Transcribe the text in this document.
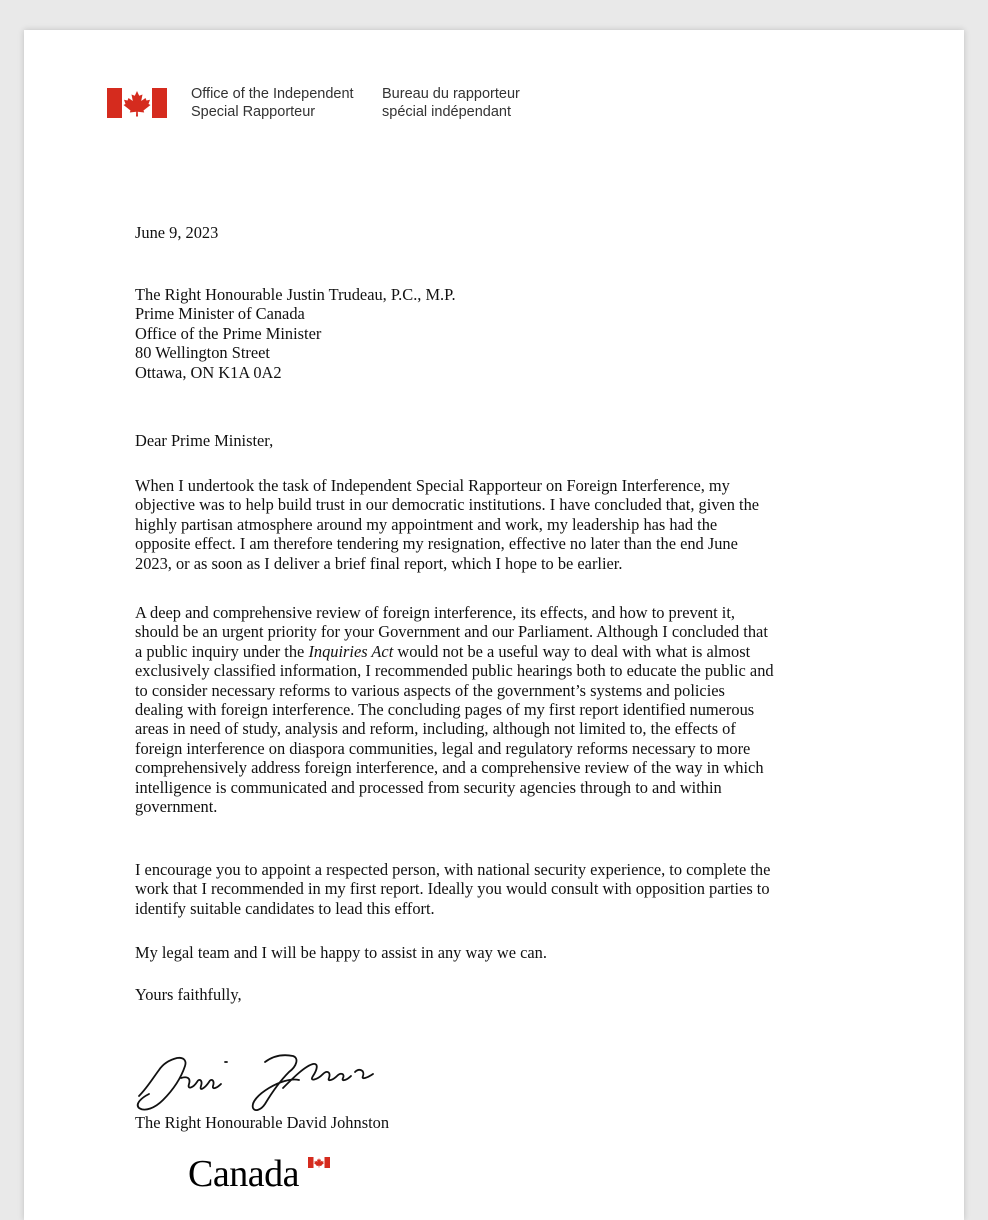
Office of the Independent
Special Rapporteur
Bureau du rapporteur
spécial indépendant
June 9, 2023
The Right Honourable Justin Trudeau, P.C., M.P.
Prime Minister of Canada
Office of the Prime Minister
80 Wellington Street
Ottawa, ON K1A 0A2
Dear Prime Minister,
When I undertook the task of Independent Special Rapporteur on Foreign Interference, my
objective was to help build trust in our democratic institutions. I have concluded that, given the
highly partisan atmosphere around my appointment and work, my leadership has had the
opposite effect. I am therefore tendering my resignation, effective no later than the end June
2023, or as soon as I deliver a brief final report, which I hope to be earlier.
A deep and comprehensive review of foreign interference, its effects, and how to prevent it,
should be an urgent priority for your Government and our Parliament. Although I concluded that
a public inquiry under the Inquiries Act would not be a useful way to deal with what is almost
exclusively classified information, I recommended public hearings both to educate the public and
to consider necessary reforms to various aspects of the government’s systems and policies
dealing with foreign interference. The concluding pages of my first report identified numerous
areas in need of study, analysis and reform, including, although not limited to, the effects of
foreign interference on diaspora communities, legal and regulatory reforms necessary to more
comprehensively address foreign interference, and a comprehensive review of the way in which
intelligence is communicated and processed from security agencies through to and within
government.
I encourage you to appoint a respected person, with national security experience, to complete the
work that I recommended in my first report. Ideally you would consult with opposition parties to
identify suitable candidates to lead this effort.
My legal team and I will be happy to assist in any way we can.
Yours faithfully,
The Right Honourable David Johnston
Canada
